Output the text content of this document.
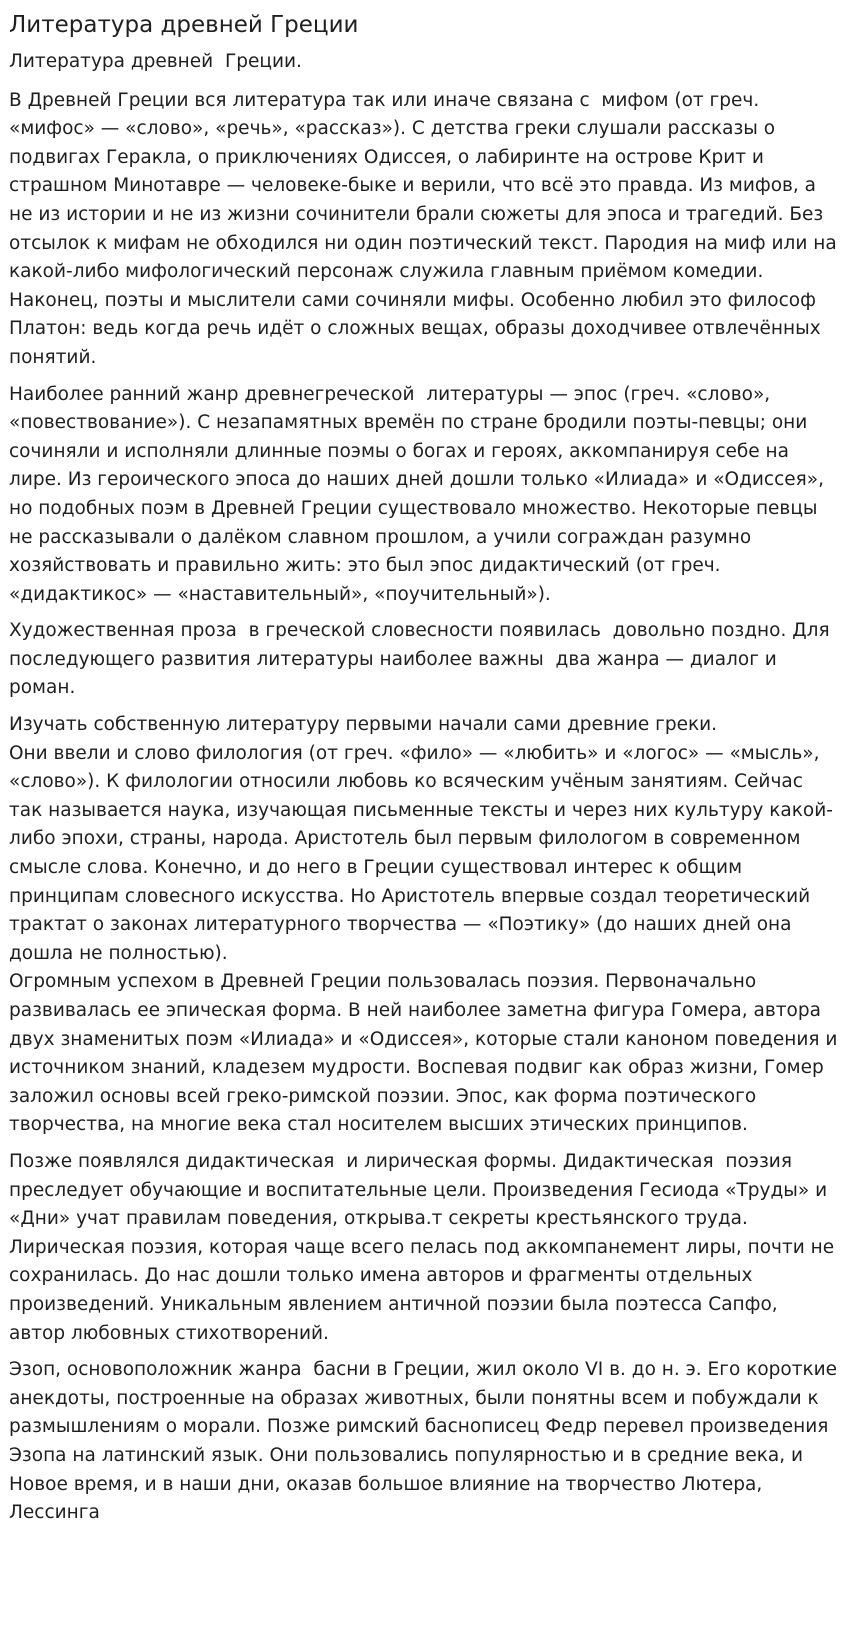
Литература древней Греции

Литература древней  Греции.

В Древней Греции вся литература так или иначе связана с  мифом (от греч. «мифос» — «слово», «речь», «рассказ»). С детства греки слушали рассказы о подвигах Геракла, о приключениях Одиссея, о лабиринте на острове Крит и страшном Минотавре — человеке-быке и верили, что всё это правда. Из мифов, а не из истории и не из жизни сочинители брали сюжеты для эпоса и трагедий. Без отсылок к мифам не обходился ни один поэтический текст. Пародия на миф или на какой-либо мифологический персонаж служила главным приёмом комедии. Наконец, поэты и мыслители сами сочиняли мифы. Особенно любил это философ Платон: ведь когда речь идёт о сложных вещах, образы доходчивее отвлечённых понятий.

Наиболее ранний жанр древнегреческой  литературы — эпос (греч. «слово», «повествование»). С незапамятных времён по стране бродили поэты-певцы; они сочиняли и исполняли длинные поэмы о богах и героях, аккомпанируя себе на лире. Из героического эпоса до наших дней дошли только «Илиада» и «Одиссея», но подобных поэм в Древней Греции существовало множество. Некоторые певцы не рассказывали о далёком славном прошлом, а учили сограждан разумно хозяйствовать и правильно жить: это был эпос дидактический (от греч. «дидактикос» — «наставительный», «поучительный»).

Художественная проза  в греческой словесности появилась  довольно поздно. Для последующего развития литературы наиболее важны  два жанра — диалог и роман.

Изучать собственную литературу первыми начали сами древние греки.
Они ввели и слово филология (от греч. «фило» — «любить» и «логос» — «мысль», «слово»). К филологии относили любовь ко всяческим учёным занятиям. Сейчас так называется наука, изучающая письменные тексты и через них культуру какой-либо эпохи, страны, народа. Аристотель был первым филологом в современном смысле слова. Конечно, и до него в Греции существовал интерес к общим принципам словесного искусства. Но Аристотель впервые создал теоретический трактат о законах литературного творчества — «Поэтику» (до наших дней она дошла не полностью).

Огромным успехом в Древней Греции пользовалась поэзия. Первоначально развивалась ее эпическая форма. В ней наиболее заметна фигура Гомера, автора двух знаменитых поэм «Илиада» и «Одиссея», которые стали каноном поведения и источником знаний, кладезем мудрости. Воспевая подвиг как образ жизни, Гомер заложил основы всей греко-римской поэзии. Эпос, как форма поэтического творчества, на многие века стал носителем высших этических принципов.

Позже появлялся дидактическая  и лирическая формы. Дидактическая  поэзия преследует обучающие и воспитательные цели. Произведения Гесиода «Труды» и «Дни» учат правилам поведения, открыва.т секреты крестьянского труда. Лирическая поэзия, которая чаще всего пелась под аккомпанемент лиры, почти не сохранилась. До нас дошли только имена авторов и фрагменты отдельных произведений. Уникальным явлением античной поэзии была поэтесса Сапфо, автор любовных стихотворений.

Эзоп, основоположник жанра  басни в Греции, жил около VI в. до н. э. Его короткие анекдоты, построенные на образах животных, были понятны всем и побуждали к размышлениям о морали. Позже римский баснописец Федр перевел произведения Эзопа на латинский язык. Они пользовались популярностью и в средние века, и Новое время, и в наши дни, оказав большое влияние на творчество Лютера, Лессинга
